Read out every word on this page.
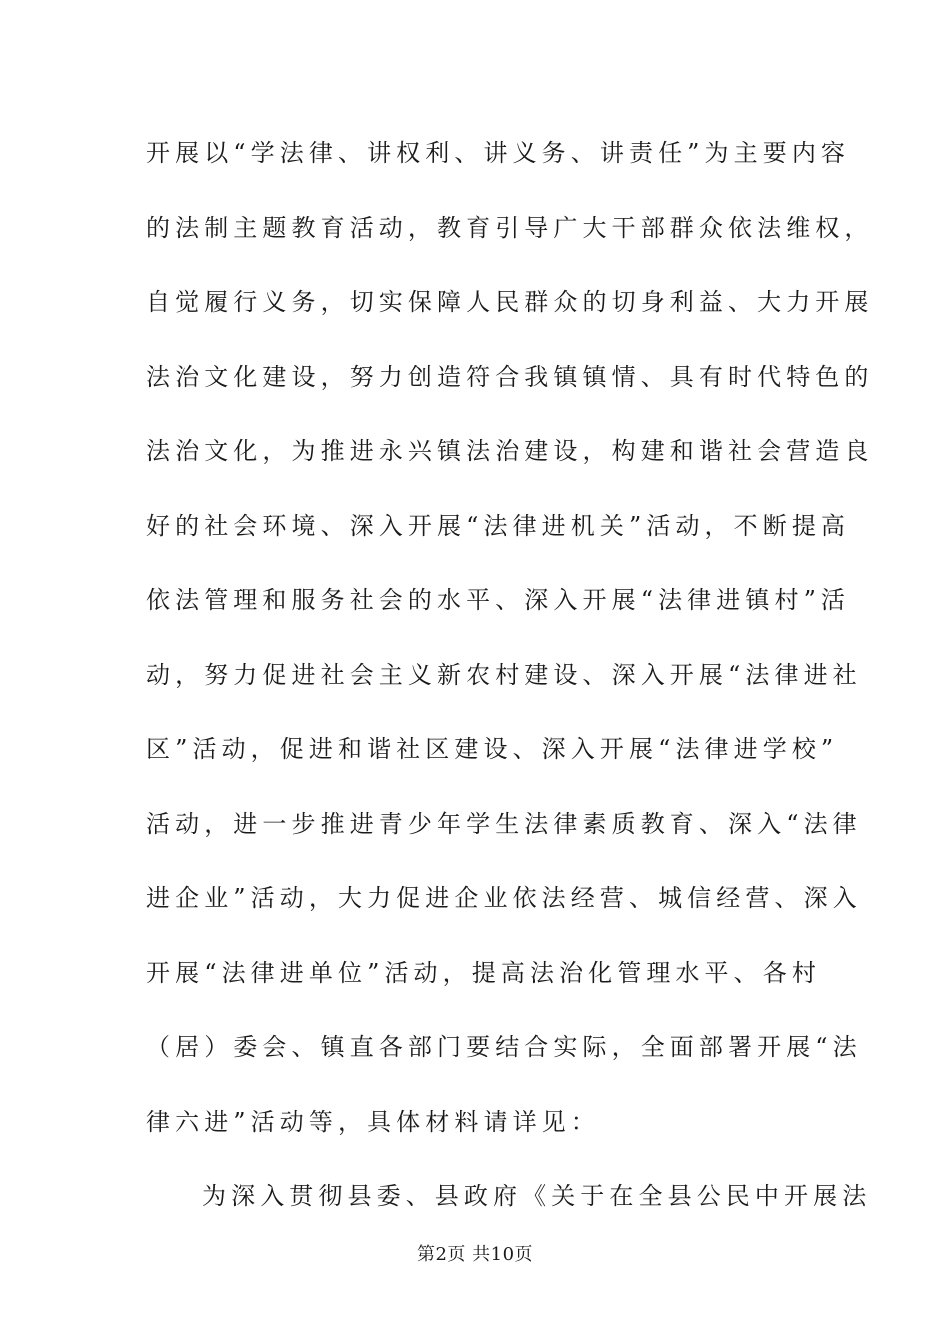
开展以“学法律、讲权利、讲义务、讲责任”为主要内容
的法制主题教育活动，教育引导广大干部群众依法维权，
自觉履行义务，切实保障人民群众的切身利益、大力开展
法治文化建设，努力创造符合我镇镇情、具有时代特色的
法治文化，为推进永兴镇法治建设，构建和谐社会营造良
好的社会环境、深入开展“法律进机关”活动，不断提高
依法管理和服务社会的水平、深入开展“法律进镇村”活
动，努力促进社会主义新农村建设、深入开展“法律进社
区”活动，促进和谐社区建设、深入开展“法律进学校”
活动，进一步推进青少年学生法律素质教育、深入“法律
进企业”活动，大力促进企业依法经营、城信经营、深入
开展“法律进单位”活动，提高法治化管理水平、各村
（居）委会、镇直各部门要结合实际，全面部署开展“法
律六进”活动等，具体材料请详见：
为深入贯彻县委、县政府《关于在全县公民中开展法
第2页 共10页
